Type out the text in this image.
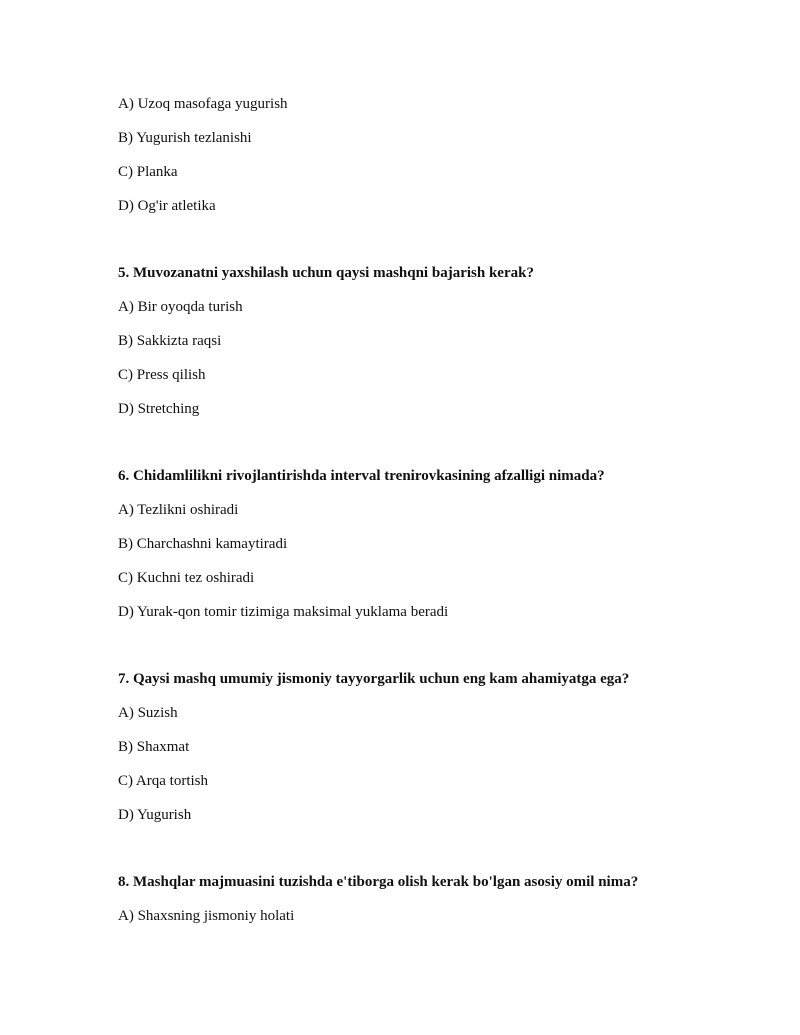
A) Uzoq masofaga yugurish
B) Yugurish tezlanishi
C) Planka
D) Og'ir atletika
5. Muvozanatni yaxshilash uchun qaysi mashqni bajarish kerak?
A) Bir oyoqda turish
B) Sakkizta raqsi
C) Press qilish
D) Stretching
6. Chidamlilikni rivojlantirishda interval trenirovkasining afzalligi nimada?
A) Tezlikni oshiradi
B) Charchashni kamaytiradi
C) Kuchni tez oshiradi
D) Yurak-qon tomir tizimiga maksimal yuklama beradi
7. Qaysi mashq umumiy jismoniy tayyorgarlik uchun eng kam ahamiyatga ega?
A) Suzish
B) Shaxmat
C) Arqa tortish
D) Yugurish
8. Mashqlar majmuasini tuzishda e'tiborga olish kerak bo'lgan asosiy omil nima?
A) Shaxsning jismoniy holati
